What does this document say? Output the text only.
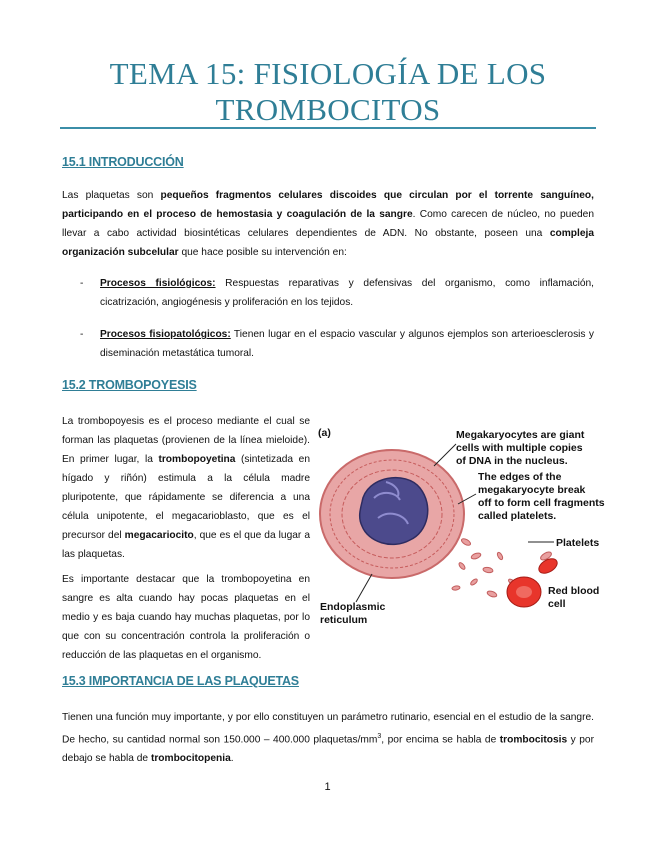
TEMA 15: FISIOLOGÍA DE LOS
TROMBOCITOS
15.1 INTRODUCCIÓN
Las plaquetas son pequeños fragmentos celulares discoides que circulan por el torrente sanguíneo, participando en el proceso de hemostasia y coagulación de la sangre. Como carecen de núcleo, no pueden llevar a cabo actividad biosintéticas celulares dependientes de ADN. No obstante, poseen una compleja organización subcelular que hace posible su intervención en:
- Procesos fisiológicos: Respuestas reparativas y defensivas del organismo, como inflamación, cicatrización, angiogénesis y proliferación en los tejidos.
- Procesos fisiopatológicos: Tienen lugar en el espacio vascular y algunos ejemplos son arterioesclerosis y diseminación metastática tumoral.
15.2 TROMBOPOYESIS
La trombopoyesis es el proceso mediante el cual se forman las plaquetas (provienen de la línea mieloide). En primer lugar, la trombopoyetina (sintetizada en hígado y riñón) estimula a la célula madre pluripotente, que rápidamente se diferencia a una célula unipotente, el megacarioblasto, que es el precursor del megacariocito, que es el que da lugar a las plaquetas.
Es importante destacar que la trombopoyetina en sangre es alta cuando hay pocas plaquetas en el medio y es baja cuando hay muchas plaquetas, por lo que con su concentración controla la proliferación o reducción de las plaquetas en el organismo.
(a)	Megakaryocytes are giant cells with multiple copies of DNA in the nucleus.
The edges of the megakaryocyte break off to form cell fragments called platelets.
Platelets
Red blood cell
Endoplasmic reticulum
15.3 IMPORTANCIA DE LAS PLAQUETAS
Tienen una función muy importante, y por ello constituyen un parámetro rutinario, esencial en el estudio de la sangre. De hecho, su cantidad normal son 150.000 – 400.000 plaquetas/$mm^3$, por encima se habla de trombocitosis y por debajo se habla de trombocitopenia.
1
